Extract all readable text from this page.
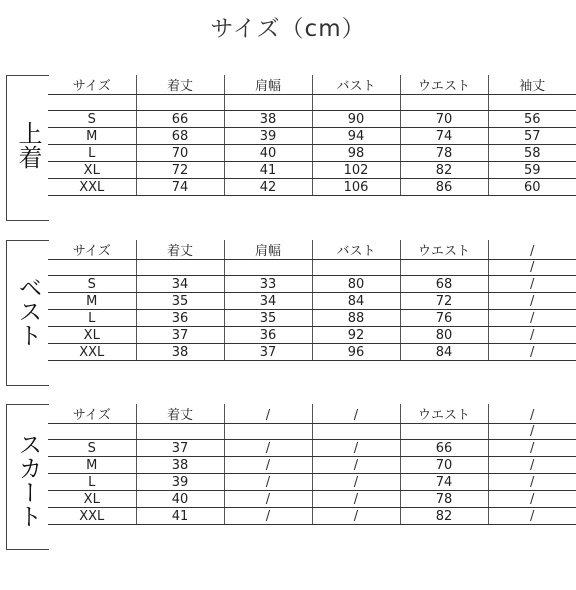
サイズ（cm）
上着
サイズ	着丈	肩幅	バスト	ウエスト	袖丈

S	66	38	90	70	56
M	68	39	94	74	57
L	70	40	98	78	58
XL	72	41	102	82	59
XXL	74	42	106	86	60
ベスト
サイズ	着丈	肩幅	バスト	ウエスト	/
					/
S	34	33	80	68	/
M	35	34	84	72	/
L	36	35	88	76	/
XL	37	36	92	80	/
XXL	38	37	96	84	/
スカート
サイズ	着丈	/	/	ウエスト	/
					/
S	37	/	/	66	/
M	38	/	/	70	/
L	39	/	/	74	/
XL	40	/	/	78	/
XXL	41	/	/	82	/
